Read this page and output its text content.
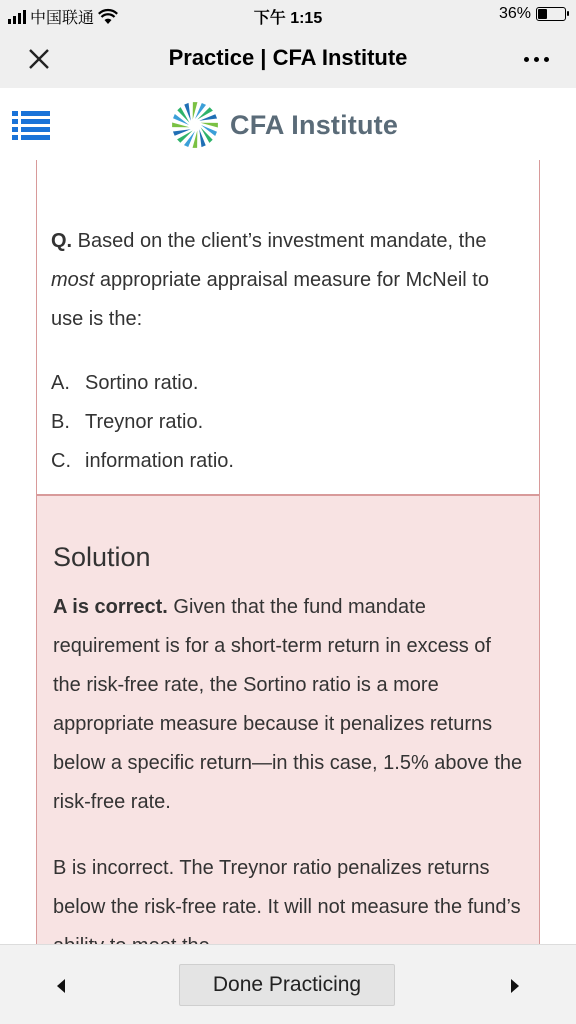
中国联通	下午 1:15	36%
Practice | CFA Institute
CFA Institute
Q. Based on the client’s investment mandate, the most appropriate appraisal measure for McNeil to use is the:
A. Sortino ratio.
B. Treynor ratio.
C. information ratio.
Solution
A is correct. Given that the fund mandate requirement is for a short-term return in excess of the risk-free rate, the Sortino ratio is a more appropriate measure because it penalizes returns below a specific return—in this case, 1.5% above the risk-free rate.
B is incorrect. The Treynor ratio penalizes returns below the risk-free rate. It will not measure the fund’s
Done Practicing
